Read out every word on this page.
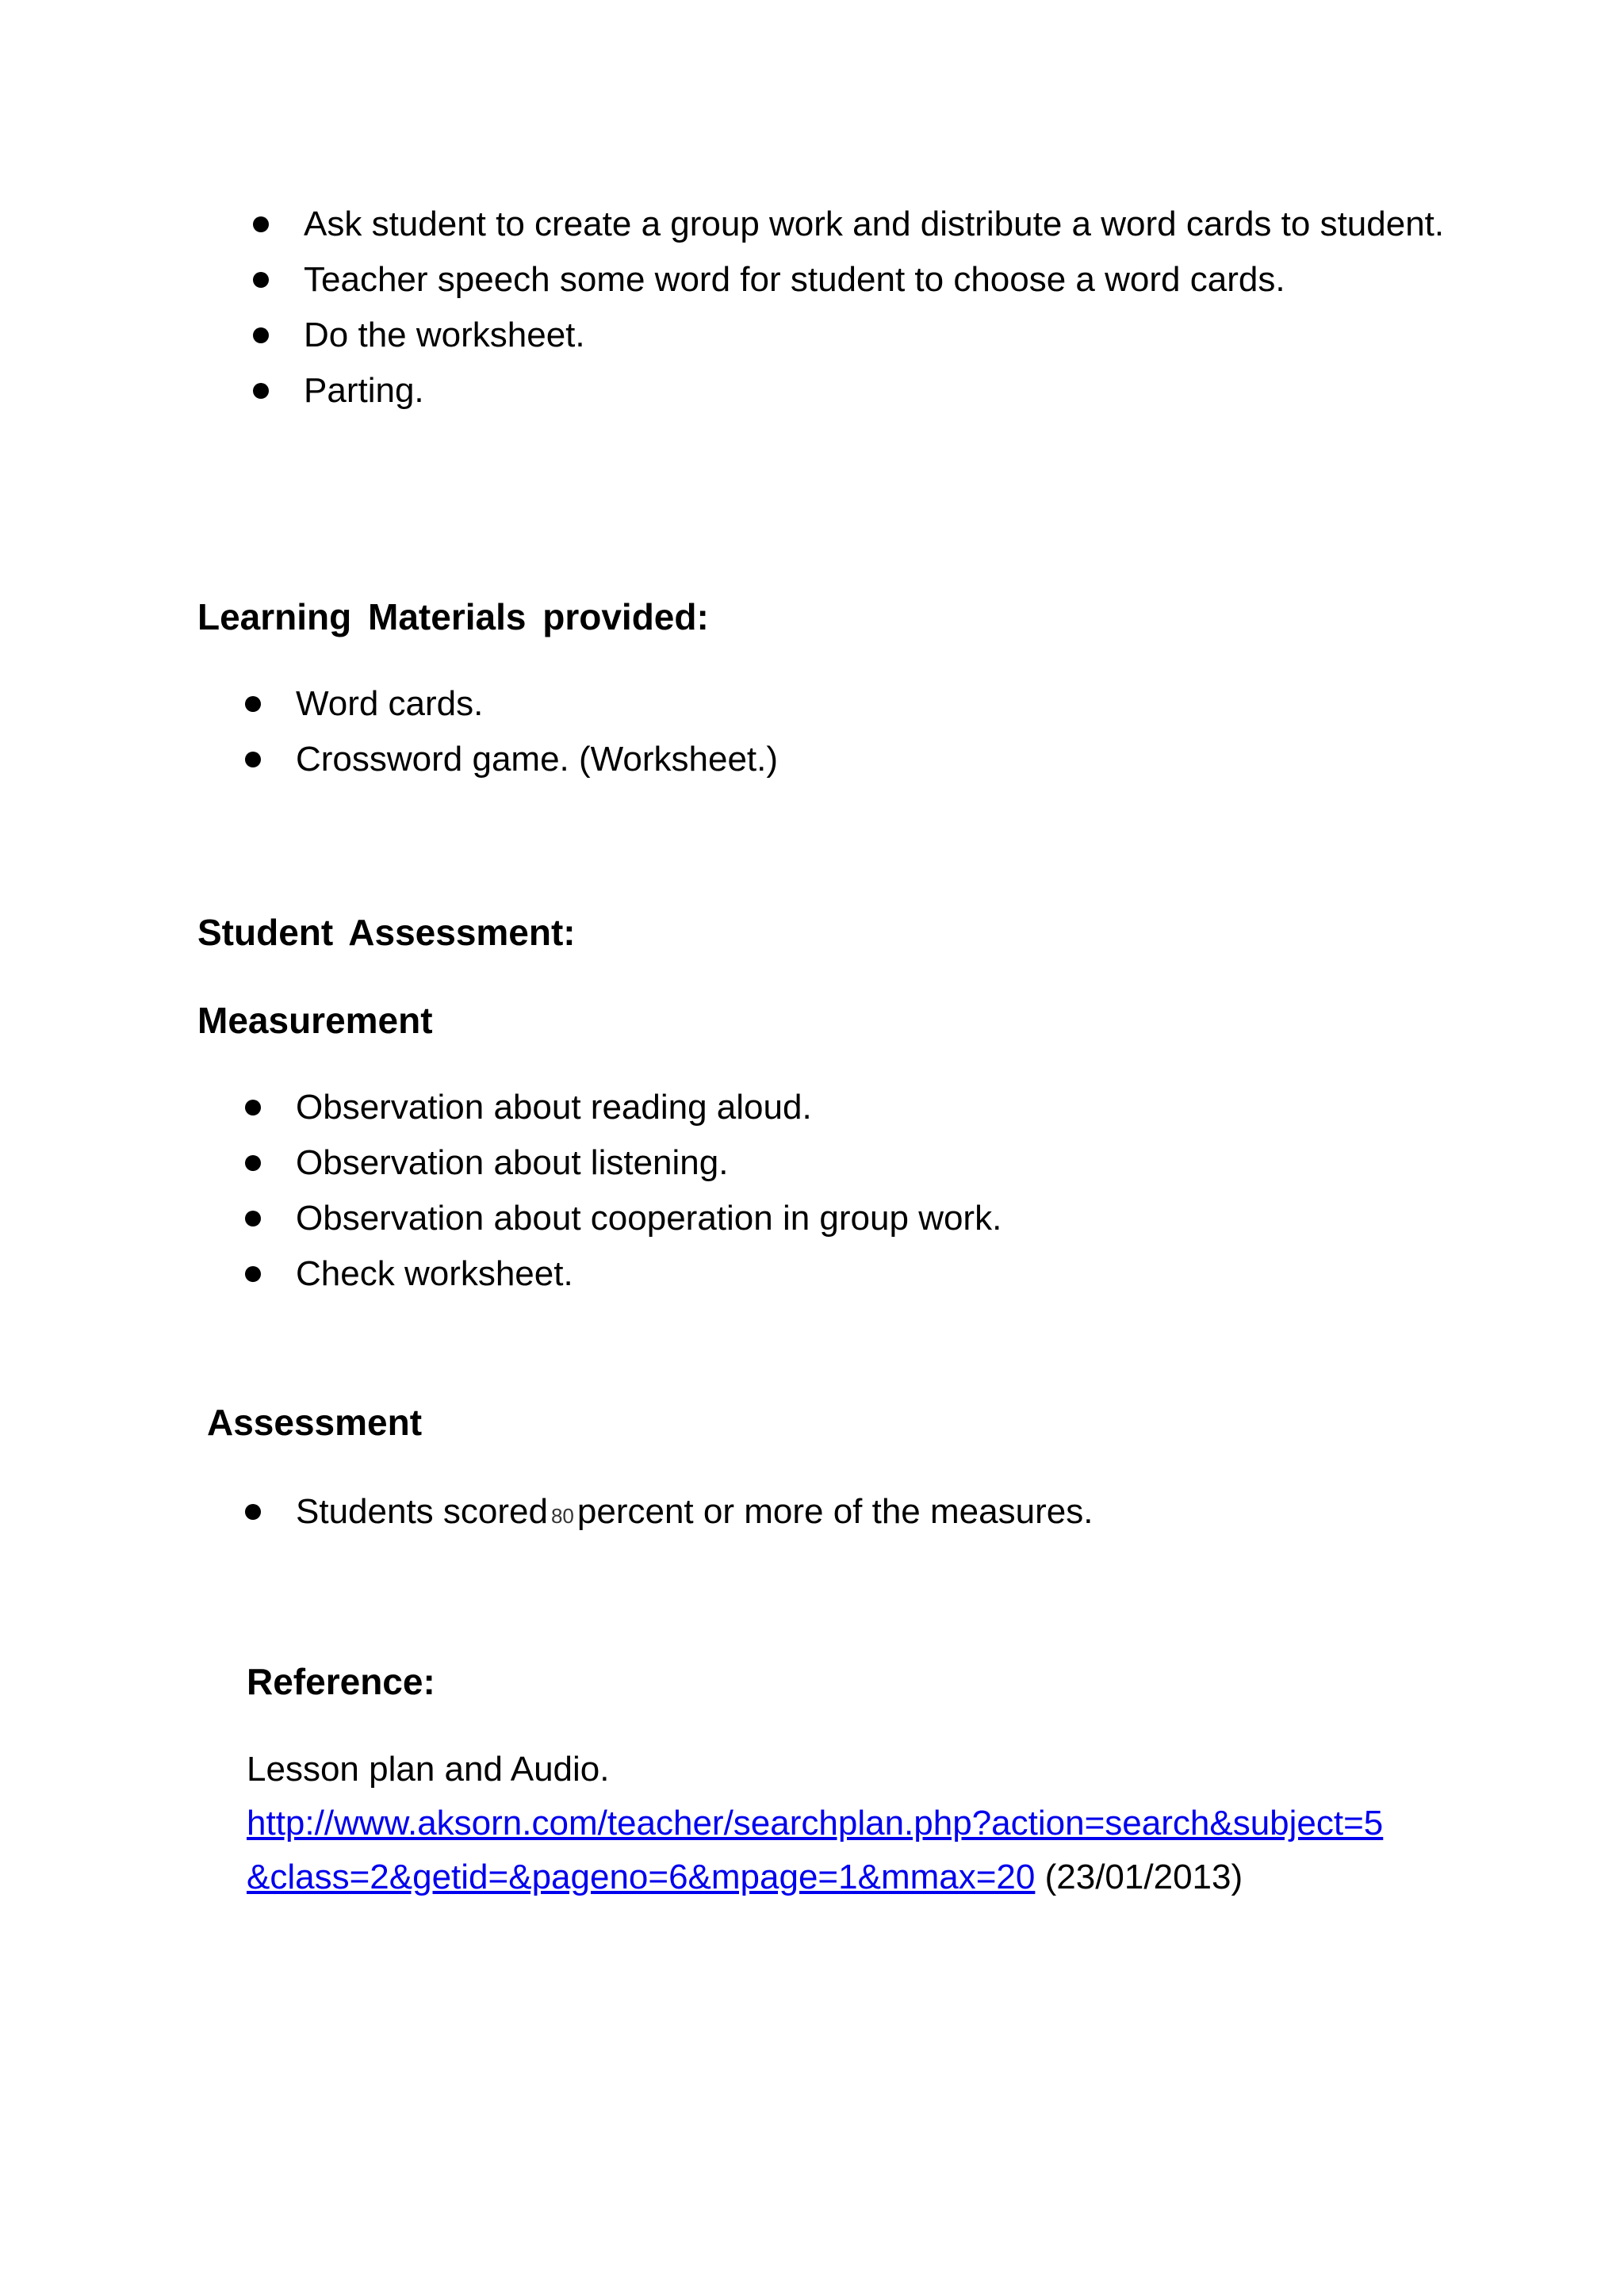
Ask student to create a group work and distribute a word cards to student.
Teacher speech some word for student to choose a word cards.
Do the worksheet.
Parting.
Learning Materials provided:
Word cards.
Crossword game. (Worksheet.)
Student Assessment:
Measurement
Observation about reading aloud.
Observation about listening.
Observation about cooperation in group work.
Check worksheet.
Assessment
Students scored 80percent or more of the measures.
Reference:
Lesson plan and Audio.
http://www.aksorn.com/teacher/searchplan.php?action=search&subject=5
&class=2&getid=&pageno=6&mpage=1&mmax=20 (23/01/2013)
